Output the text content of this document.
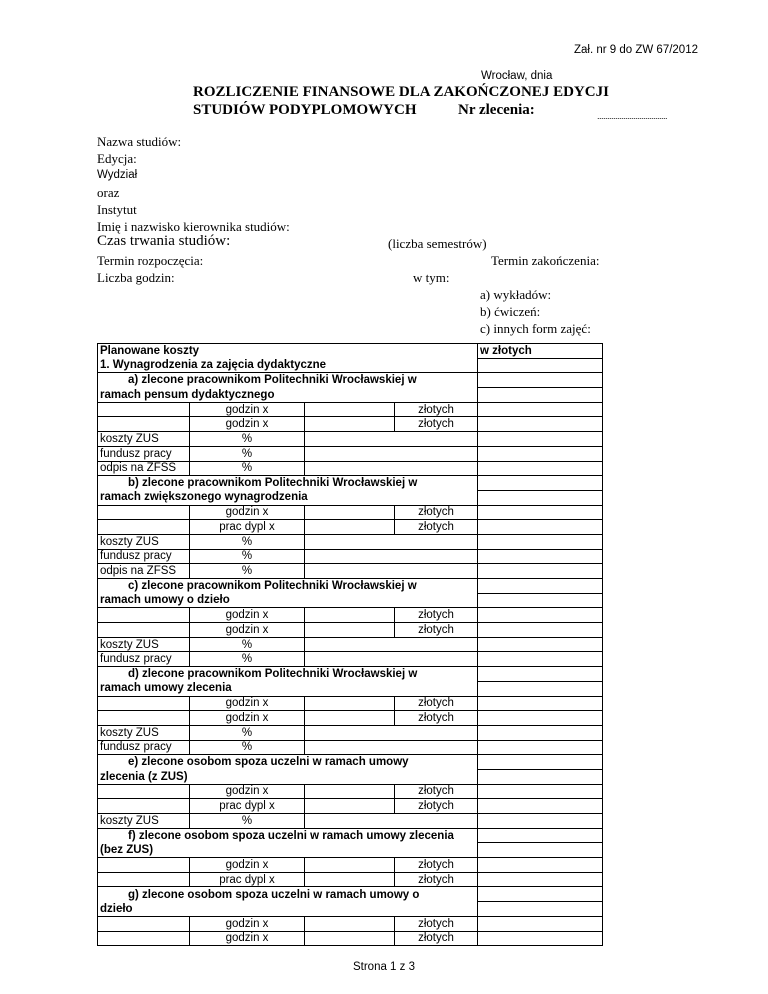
Zał. nr 9 do ZW 67/2012
Wrocław, dnia
ROZLICZENIE FINANSOWE DLA ZAKOŃCZONEJ EDYCJI
STUDIÓW PODYPLOMOWYCH	Nr zlecenia:	...................................
Nazwa studiów:
Edycja:
Wydział
oraz
Instytut
Imię i nazwisko kierownika studiów:
Czas trwania studiów:	(liczba semestrów)
Termin rozpoczęcia:	Termin zakończenia:
Liczba godzin:	w tym:
a) wykładów:
b) ćwiczeń:
c) innych form zajęć:
Planowane koszty				w złotych
1. Wynagrodzenia za zajęcia dydaktyczne				
a) zlecone pracownikom Politechniki Wrocławskiej w				
ramach pensum dydaktycznego				
	godzin x		złotych	
	godzin x		złotych	
koszty ZUS	%			
fundusz pracy	%			
odpis na ZFSS	%			
b) zlecone pracownikom Politechniki Wrocławskiej w				
ramach zwiększonego wynagrodzenia				
	godzin x		złotych	
	prac dypl x		złotych	
koszty ZUS	%			
fundusz pracy	%			
odpis na ZFSS	%			
c) zlecone pracownikom Politechniki Wrocławskiej w				
ramach umowy o dzieło				
	godzin x		złotych	
	godzin x		złotych	
koszty ZUS	%			
fundusz pracy	%			
d) zlecone pracownikom Politechniki Wrocławskiej w				
ramach umowy zlecenia				
	godzin x		złotych	
	godzin x		złotych	
koszty ZUS	%			
fundusz pracy	%			
e) zlecone osobom spoza uczelni w ramach umowy				
zlecenia (z ZUS)				
	godzin x		złotych	
	prac dypl x		złotych	
koszty ZUS	%			
f) zlecone osobom spoza uczelni w ramach umowy zlecenia				
(bez ZUS)				
	godzin x		złotych	
	prac dypl x		złotych	
g) zlecone osobom spoza uczelni w ramach umowy o				
dzieło				
	godzin x		złotych	
	godzin x		złotych	
Strona 1 z 3
